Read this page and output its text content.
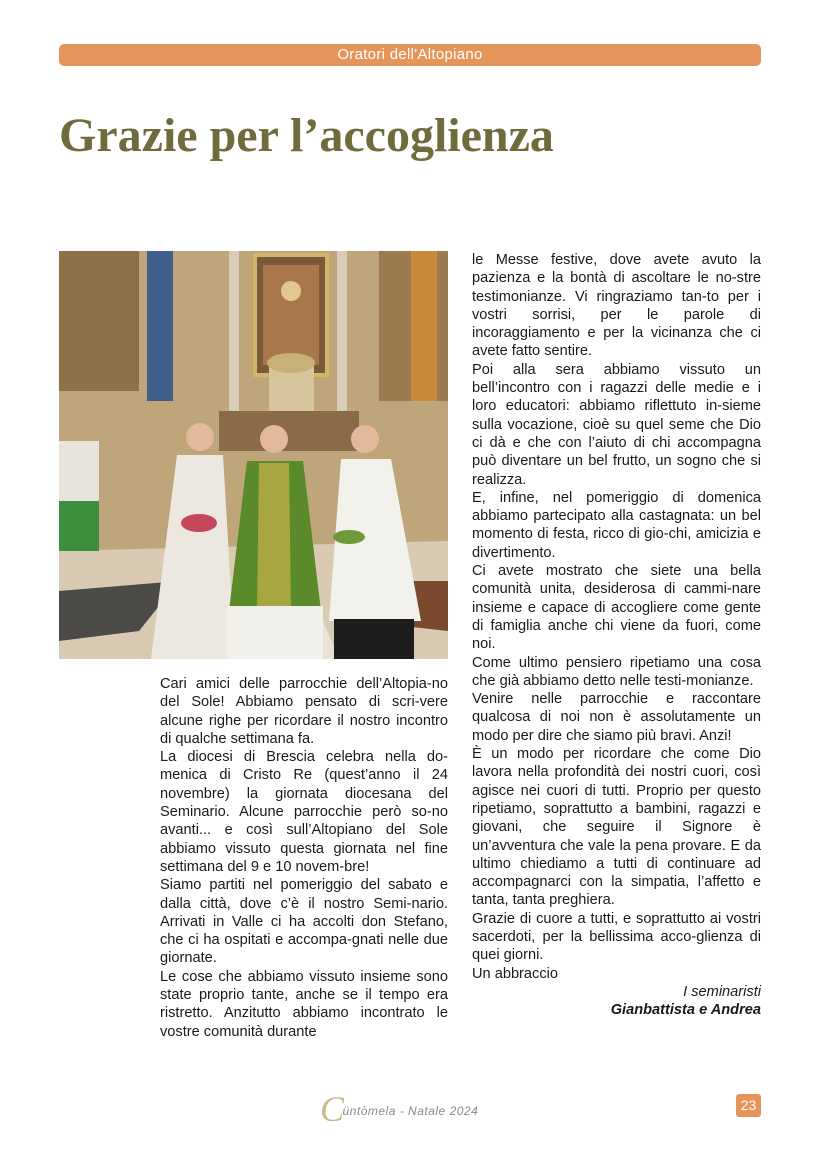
Oratori dell'Altopiano
Grazie per l’accoglienza

Cari amici delle parrocchie dell’Altopia-no del Sole! Abbiamo pensato di scri-vere alcune righe per ricordare il nostro incontro di qualche settimana fa.

La diocesi di Brescia celebra nella do-menica di Cristo Re (quest’anno il 24 novembre) la giornata diocesana del Seminario. Alcune parrocchie però so-no avanti... e così sull’Altopiano del Sole abbiamo vissuto questa giornata nel fine settimana del 9 e 10 novem-bre!

Siamo partiti nel pomeriggio del sabato e dalla città, dove c’è il nostro Semi-nario. Arrivati in Valle ci ha accolti don Stefano, che ci ha ospitati e accompa-gnati nelle due giornate.

Le cose che abbiamo vissuto insieme sono state proprio tante, anche se il tempo era ristretto. Anzitutto abbiamo incontrato le vostre comunità durante

le Messe festive, dove avete avuto la pazienza e la bontà di ascoltare le no-stre testimonianze. Vi ringraziamo tan-to per i vostri sorrisi, per le parole di incoraggiamento e per la vicinanza che ci avete fatto sentire.

Poi alla sera abbiamo vissuto un bell’incontro con i ragazzi delle medie e i loro educatori: abbiamo riflettuto in-sieme sulla vocazione, cioè su quel seme che Dio ci dà e che con l’aiuto di chi accompagna può diventare un bel frutto, un sogno che si realizza.

E, infine, nel pomeriggio di domenica abbiamo partecipato alla castagnata: un bel momento di festa, ricco di gio-chi, amicizia e divertimento.

Ci avete mostrato che siete una bella comunità unita, desiderosa di cammi-nare insieme e capace di accogliere come gente di famiglia anche chi viene da fuori, come noi.

Come ultimo pensiero ripetiamo una cosa che già abbiamo detto nelle testi-monianze.

Venire nelle parrocchie e raccontare qualcosa di noi non è assolutamente un modo per dire che siamo più bravi. Anzi!

È un modo per ricordare che come Dio lavora nella profondità dei nostri cuori, così agisce nei cuori di tutti. Proprio per questo ripetiamo, soprattutto a bambini, ragazzi e giovani, che seguire il Signore è un’avventura che vale la pena provare. E da ultimo chiediamo a tutti di continuare ad accompagnarci con la simpatia, l’affetto e tanta, tanta preghiera.

Grazie di cuore a tutti, e soprattutto ai vostri sacerdoti, per la bellissima acco-glienza di quei giorni.

Un abbraccio

I seminaristi

Gianbattista e Andrea

Cüntòmela - Natale 2024	23
